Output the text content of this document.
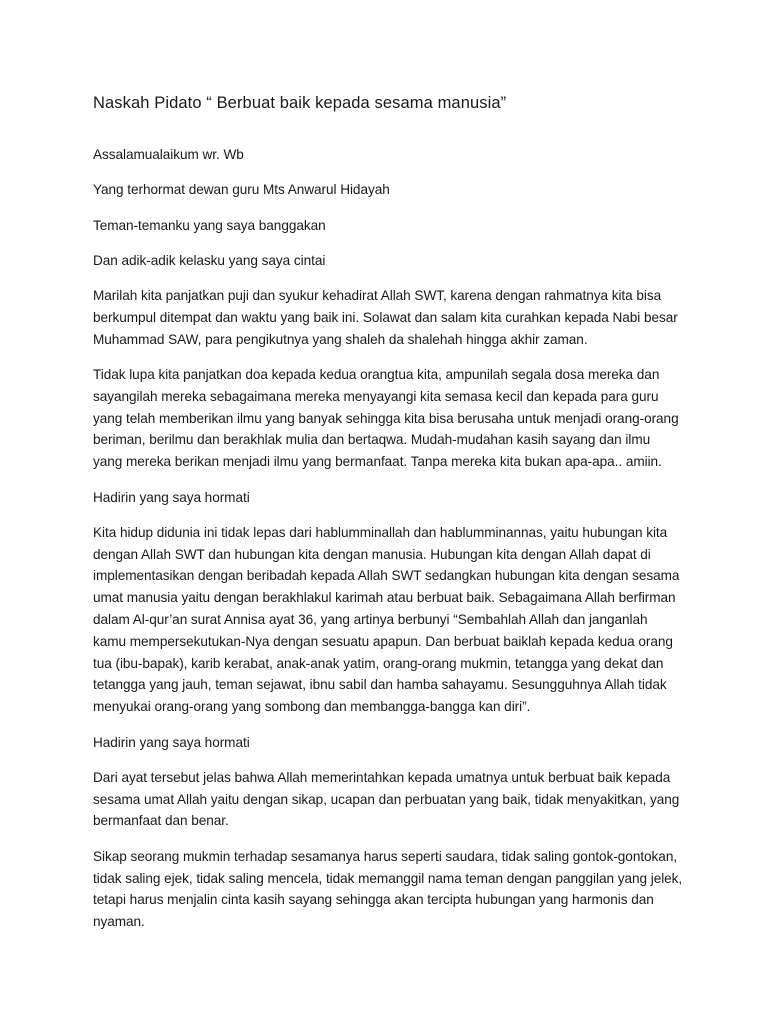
Naskah Pidato “ Berbuat baik kepada sesama manusia”

Assalamualaikum wr. Wb

Yang terhormat dewan guru Mts Anwarul Hidayah

Teman-temanku yang saya banggakan

Dan adik-adik kelasku yang saya cintai

Marilah kita panjatkan puji dan syukur kehadirat Allah SWT, karena dengan rahmatnya kita bisa berkumpul ditempat dan waktu yang baik ini. Solawat dan salam kita curahkan kepada Nabi besar Muhammad SAW, para pengikutnya yang shaleh da shalehah hingga akhir zaman.

Tidak lupa kita panjatkan doa kepada kedua orangtua kita, ampunilah segala dosa mereka dan sayangilah mereka sebagaimana mereka menyayangi kita semasa kecil dan kepada para guru yang telah memberikan ilmu yang banyak sehingga kita bisa berusaha untuk menjadi orang-orang beriman, berilmu dan berakhlak mulia dan bertaqwa. Mudah-mudahan kasih sayang dan ilmu yang mereka berikan menjadi ilmu yang bermanfaat. Tanpa mereka kita bukan apa-apa.. amiin.

Hadirin yang saya hormati

Kita hidup didunia ini tidak lepas dari hablumminallah dan hablumminannas, yaitu hubungan kita dengan Allah SWT dan hubungan kita dengan manusia. Hubungan kita dengan Allah dapat di implementasikan dengan beribadah kepada Allah SWT sedangkan hubungan kita dengan sesama umat manusia yaitu dengan berakhlakul karimah atau berbuat baik. Sebagaimana Allah berfirman dalam Al-qur’an surat Annisa ayat 36, yang artinya berbunyi “Sembahlah Allah dan janganlah kamu mempersekutukan-Nya dengan sesuatu apapun. Dan berbuat baiklah kepada kedua orang tua (ibu-bapak), karib kerabat, anak-anak yatim, orang-orang mukmin, tetangga yang dekat dan tetangga yang jauh, teman sejawat, ibnu sabil dan hamba sahayamu. Sesungguhnya Allah tidak menyukai orang-orang yang sombong dan membangga-bangga kan diri”.

Hadirin yang saya hormati

Dari ayat tersebut jelas bahwa Allah memerintahkan kepada umatnya untuk berbuat baik kepada sesama umat Allah yaitu dengan sikap, ucapan dan perbuatan yang baik, tidak menyakitkan, yang bermanfaat dan benar.

Sikap seorang mukmin terhadap sesamanya harus seperti saudara, tidak saling gontok-gontokan, tidak saling ejek, tidak saling mencela, tidak memanggil nama teman dengan panggilan yang jelek, tetapi harus menjalin cinta kasih sayang sehingga akan tercipta hubungan yang harmonis dan nyaman.
